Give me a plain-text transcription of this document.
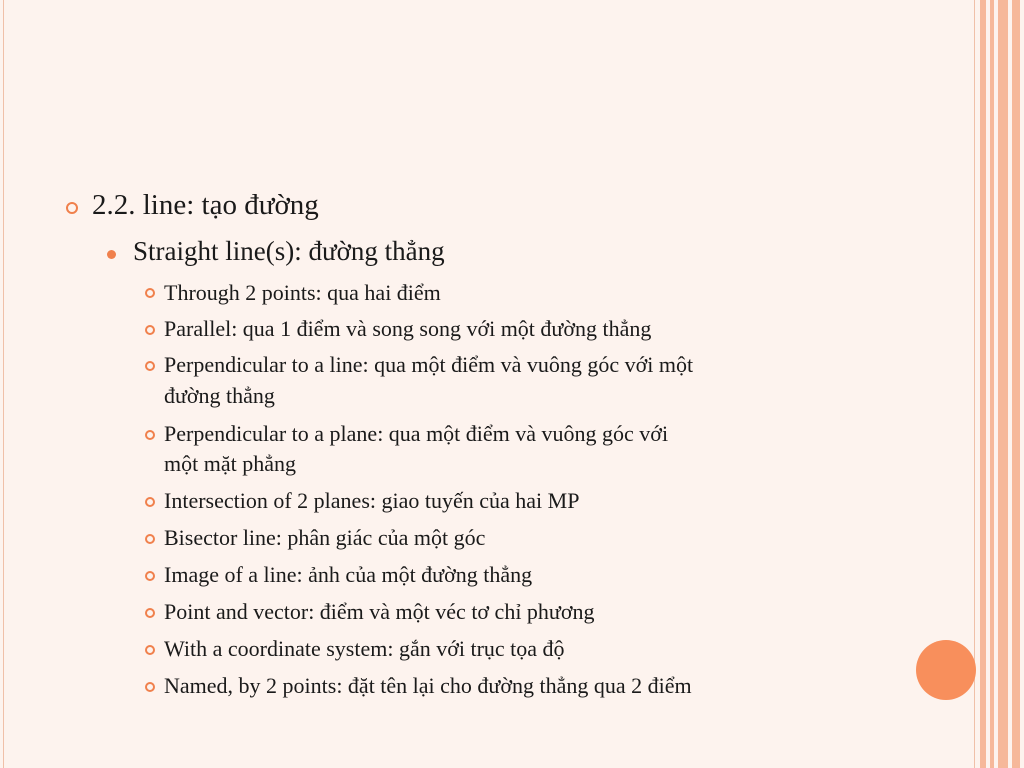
2.2. line: tạo đường
Straight line(s): đường thẳng
Through 2 points: qua hai điểm
Parallel: qua 1 điểm và song song với một đường thẳng
Perpendicular to a line: qua một điểm và vuông góc với một
đường thẳng
Perpendicular to a plane: qua một điểm và vuông góc với
một mặt phẳng
Intersection of 2 planes: giao tuyến của hai MP
Bisector line: phân giác của một góc
Image of a line: ảnh của một đường thẳng
Point and vector: điểm và một véc tơ chỉ phương
With a coordinate system: gắn với trục tọa độ
Named, by 2 points: đặt tên lại cho đường thẳng qua 2 điểm
